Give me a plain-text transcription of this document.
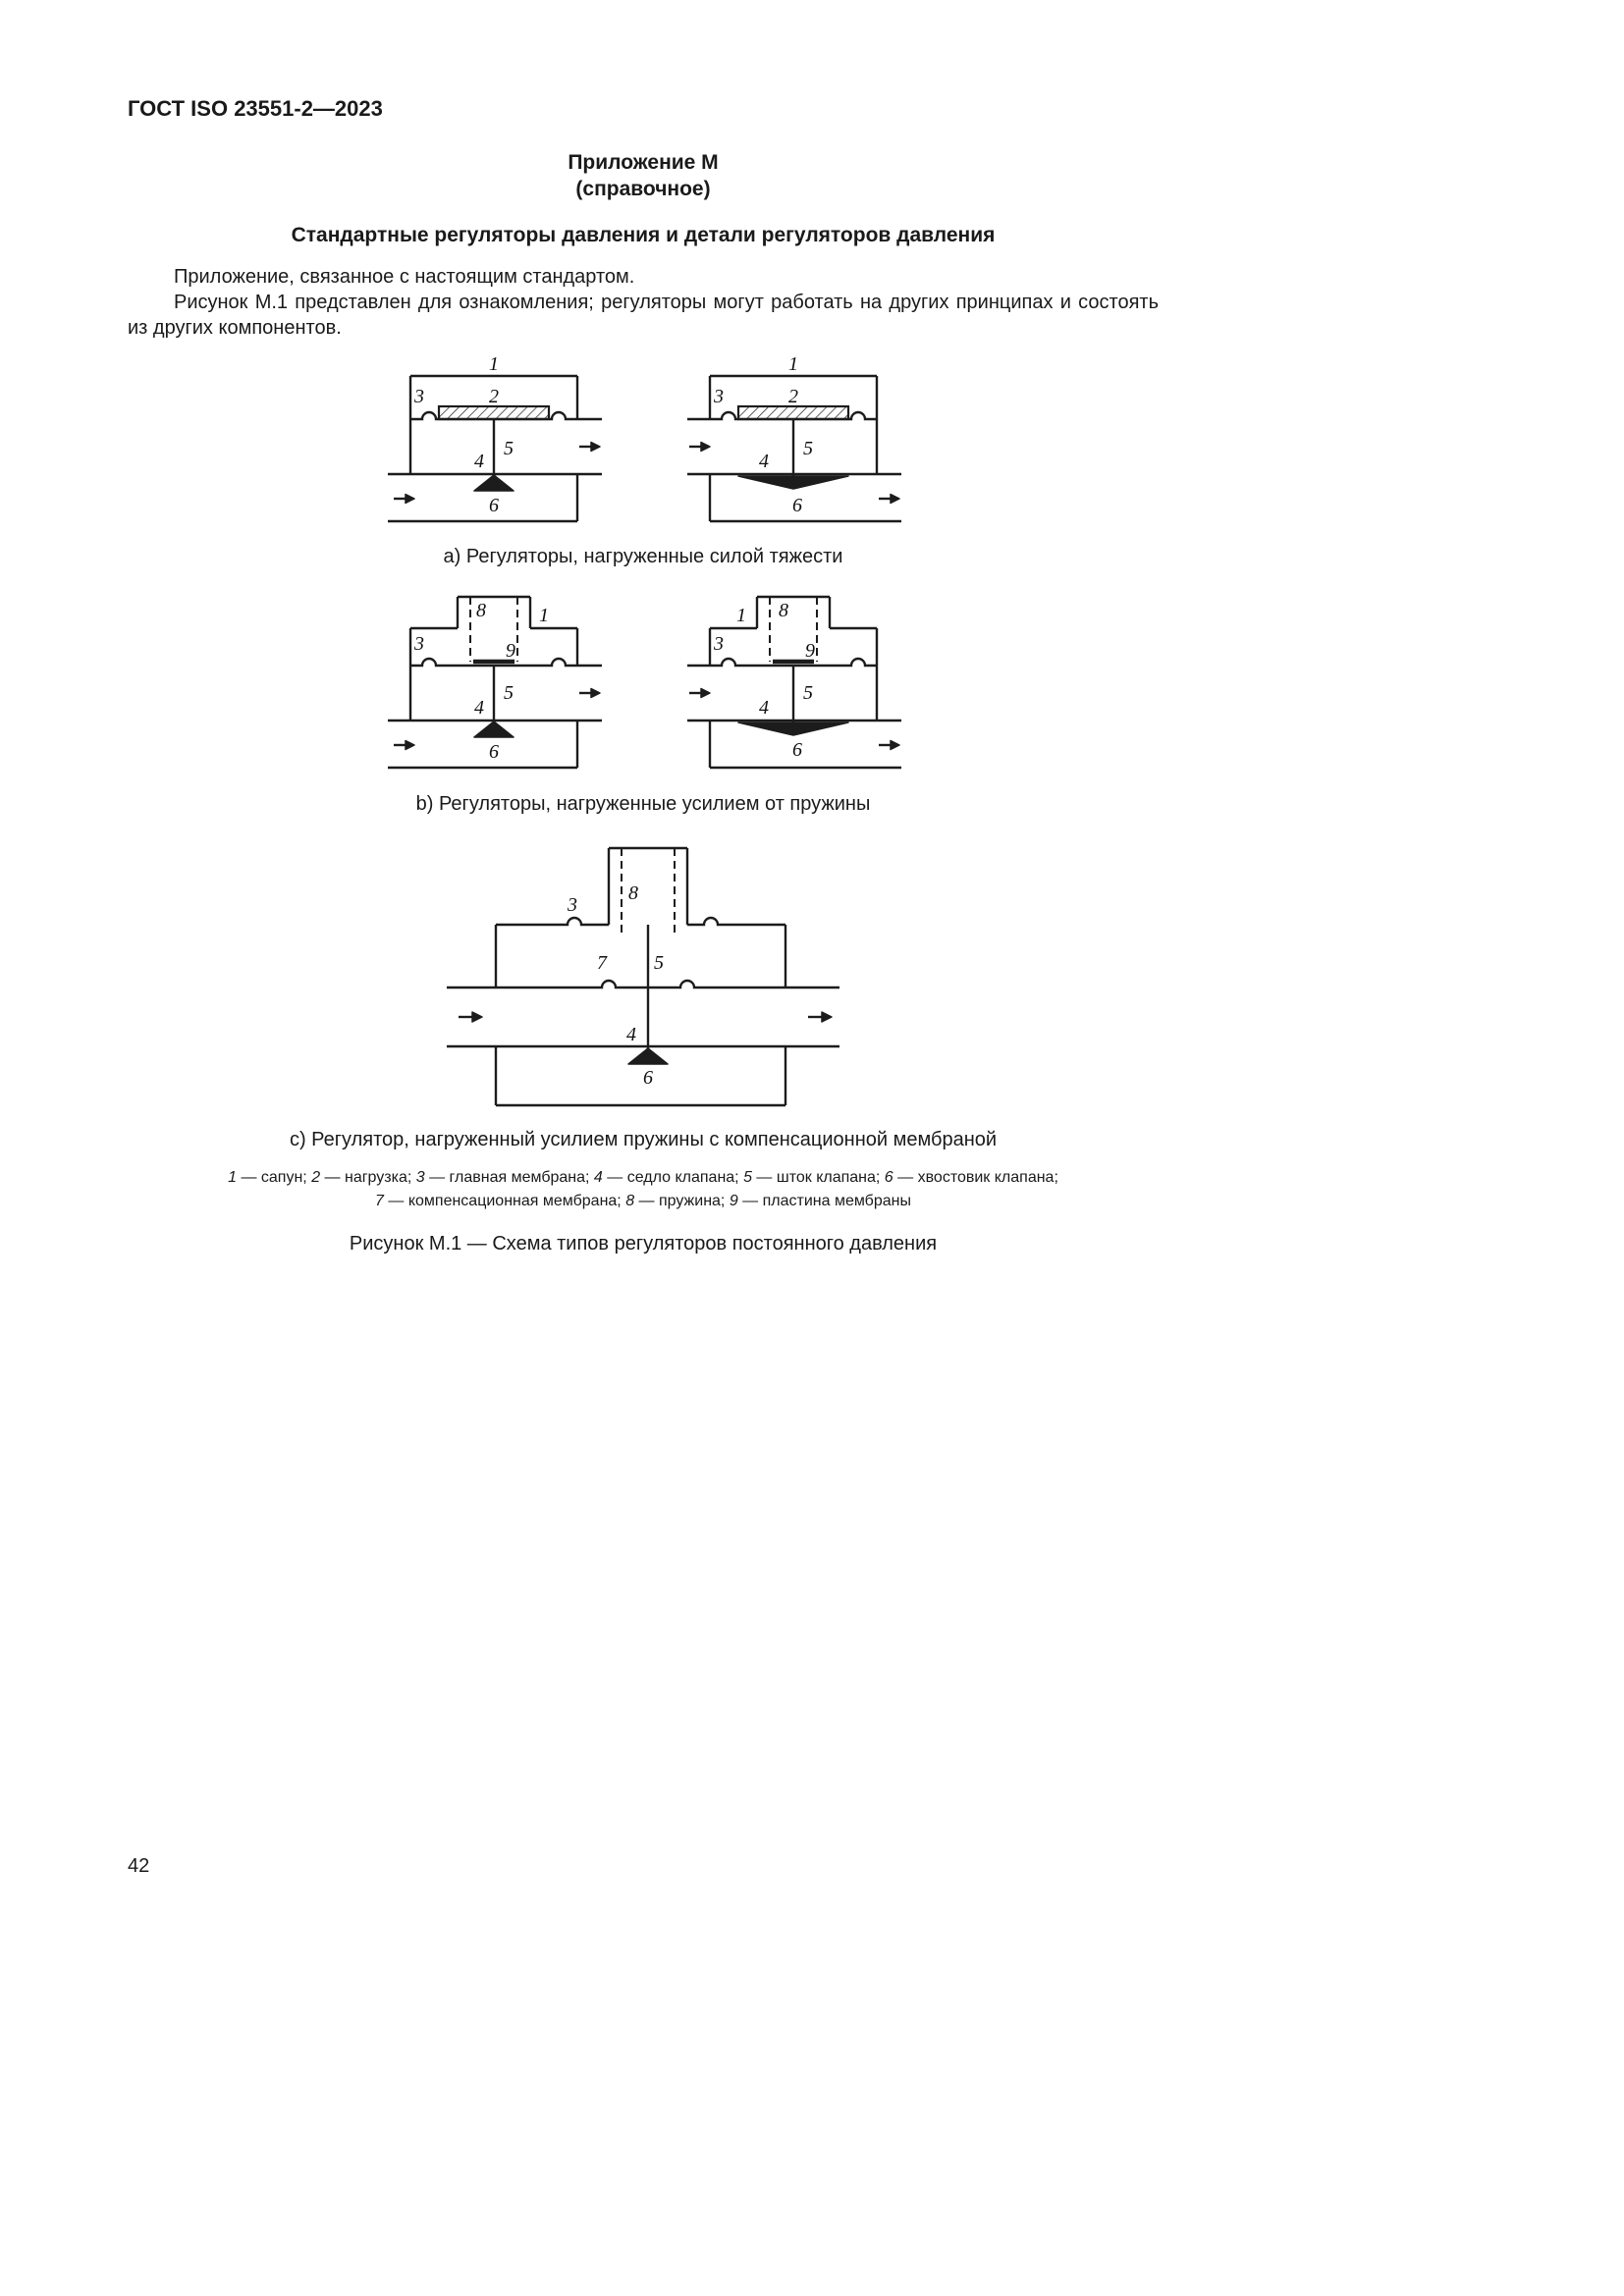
ГОСТ ISO 23551-2—2023
Приложение М
(справочное)
Стандартные регуляторы давления и детали регуляторов давления

Приложение, связанное с настоящим стандартом.

Рисунок М.1 представлен для ознакомления; регуляторы могут работать на других принципах и состоять из других компонентов.

1
3	2
5
4
6
1
3	2
5
4
6
a) Регуляторы, нагруженные силой тяжести
8	1
3	9
5
4
6
1 8
3	9
5
4
6
b) Регуляторы, нагруженные усилием от пружины
8
3
7 5
4
6
c) Регулятор, нагруженный усилием пружины с компенсационной мембраной
1 — сапун; 2 — нагрузка; 3 — главная мембрана; 4 — седло клапана; 5 — шток клапана; 6 — хвостовик клапана;
7 — компенсационная мембрана; 8 — пружина; 9 — пластина мембраны
Рисунок М.1 — Схема типов регуляторов постоянного давления
42
